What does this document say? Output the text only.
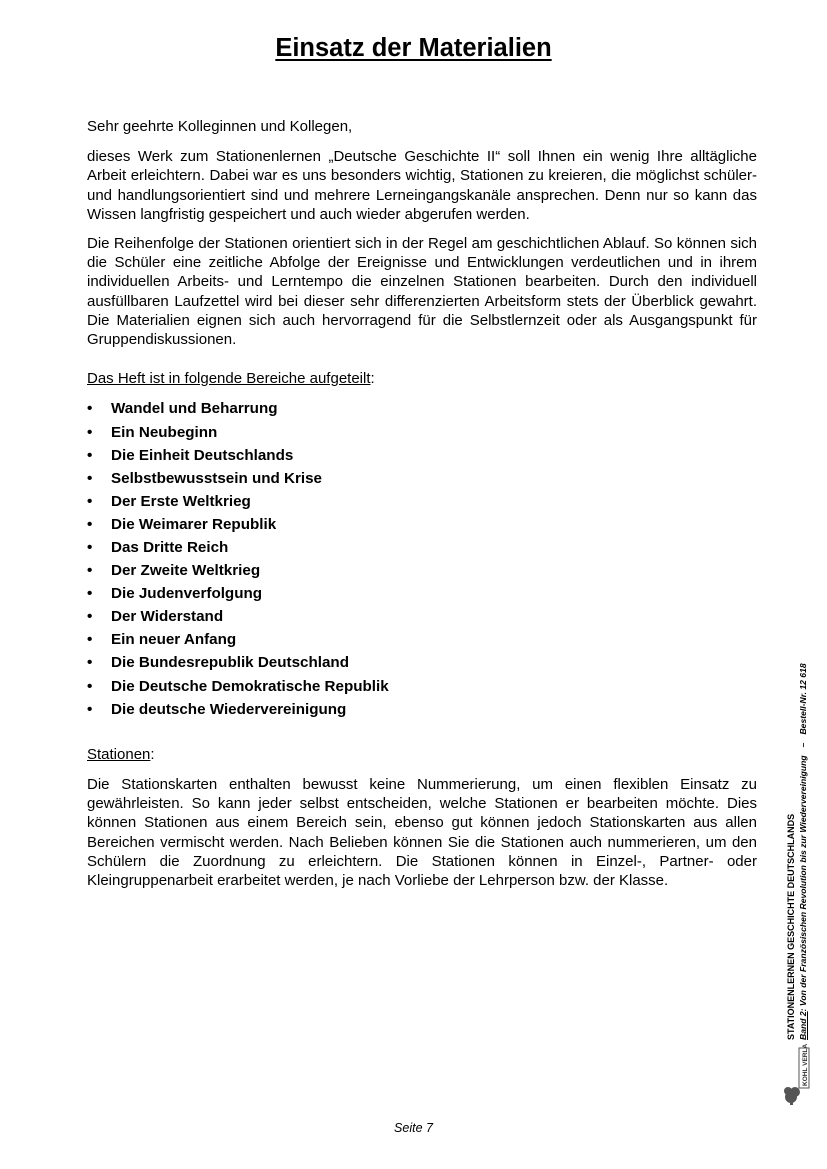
Einsatz der Materialien

Sehr geehrte Kolleginnen und Kollegen,

dieses Werk zum Stationenlernen „Deutsche Geschichte II“ soll Ihnen ein wenig Ihre alltägliche Arbeit erleichtern. Dabei war es uns besonders wichtig, Stationen zu kreieren, die möglichst schüler- und handlungsorientiert sind und mehrere Lerneingangskanäle ansprechen. Denn nur so kann das Wissen langfristig gespeichert und auch wieder abgerufen werden.

Die Reihenfolge der Stationen orientiert sich in der Regel am geschichtlichen Ablauf. So können sich die Schüler eine zeitliche Abfolge der Ereignisse und Entwicklungen verdeutlichen und in ihrem individuellen Arbeits- und Lerntempo die einzelnen Stationen bearbeiten. Durch den individuell ausfüllbaren Laufzettel wird bei dieser sehr differenzierten Arbeitsform stets der Überblick gewahrt. Die Materialien eignen sich auch hervorragend für die Selbstlernzeit oder als Ausgangspunkt für Gruppendiskussionen.

Das Heft ist in folgende Bereiche aufgeteilt:

• Wandel und Beharrung
• Ein Neubeginn
• Die Einheit Deutschlands
• Selbstbewusstsein und Krise
• Der Erste Weltkrieg
• Die Weimarer Republik
• Das Dritte Reich
• Der Zweite Weltkrieg
• Die Judenverfolgung
• Der Widerstand
• Ein neuer Anfang
• Die Bundesrepublik Deutschland
• Die Deutsche Demokratische Republik
• Die deutsche Wiedervereinigung

Stationen:

Die Stationskarten enthalten bewusst keine Nummerierung, um einen flexiblen Einsatz zu gewährleisten. So kann jeder selbst entscheiden, welche Stationen er bearbeiten möchte. Dies können Stationen aus einem Bereich sein, ebenso gut können jedoch Stationskarten aus allen Bereichen vermischt werden. Nach Belieben können Sie die Stationen auch nummerieren, um den Schülern die Zuordnung zu erleichtern. Die Stationen können in Einzel-, Partner- oder Kleingruppenarbeit erarbeitet werden, je nach Vorliebe der Lehrperson bzw. der Klasse.	STATIONENLERNEN GESCHICHTE DEUTSCHLANDS Band 2: Von der Französischen Revolution bis zur Wiedervereinigung–Bestell-Nr. 12 618
KOHL VERLAG
Seite 7
